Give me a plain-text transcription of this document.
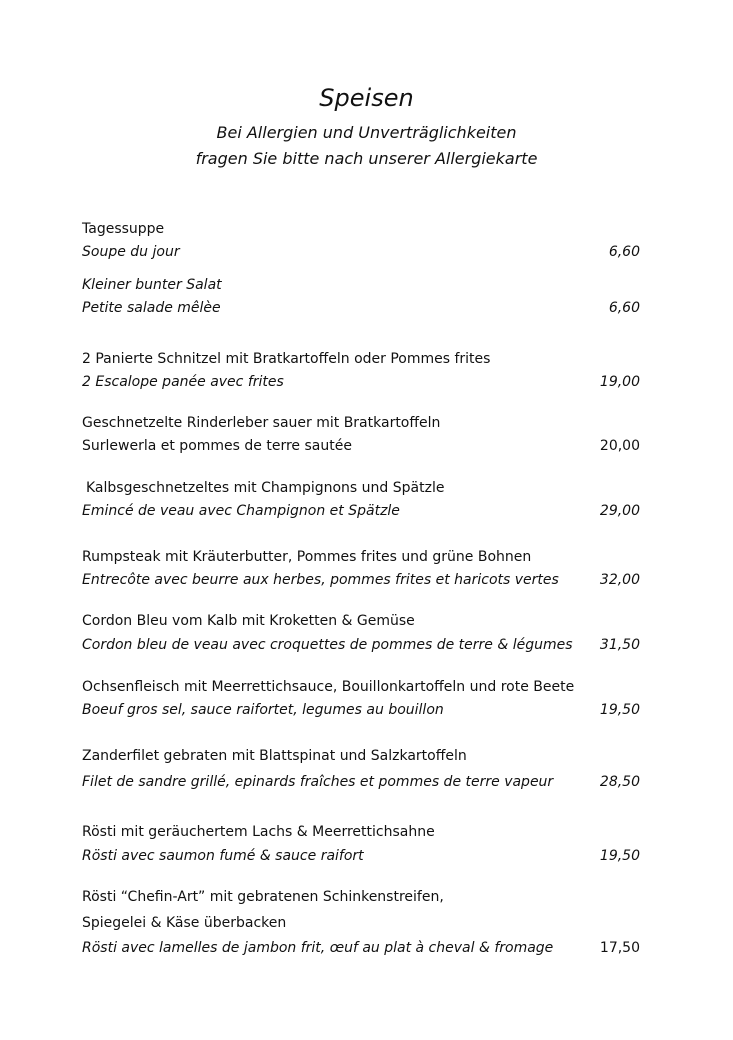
Speisen
Bei Allergien und Unverträglichkeiten
fragen Sie bitte nach unserer Allergiekarte
Tagessuppe
Soupe du jour	6,60
Kleiner bunter Salat
Petite salade mêlèe	6,60
2 Panierte Schnitzel mit Bratkartoffeln oder Pommes frites
2 Escalope panée avec frites	19,00
Geschnetzelte Rinderleber sauer mit Bratkartoffeln
Surlewerla et pommes de terre sautée	20,00
Kalbsgeschnetzeltes mit Champignons und Spätzle
Emincé de veau avec Champignon et Spätzle	29,00
Rumpsteak mit Kräuterbutter, Pommes frites und grüne Bohnen
Entrecôte avec beurre aux herbes, pommes frites et haricots vertes	32,00
Cordon Bleu vom Kalb mit Kroketten & Gemüse
Cordon bleu de veau avec croquettes de pommes de terre & légumes 31,50
Ochsenfleisch mit Meerrettichsauce, Bouillonkartoffeln und rote Beete
Boeuf gros sel, sauce raifortet, legumes au bouillon	19,50
Zanderfilet gebraten mit Blattspinat und Salzkartoffeln
Filet de sandre grillé, epinards fraîches et pommes de terre vapeur	28,50
Rösti mit geräuchertem Lachs & Meerrettichsahne
Rösti avec saumon fumé & sauce raifort	19,50
Rösti “Chefin-Art” mit gebratenen Schinkenstreifen,
Spiegelei & Käse überbacken
Rösti avec lamelles de jambon frit, œuf au plat à cheval & fromage	17,50
